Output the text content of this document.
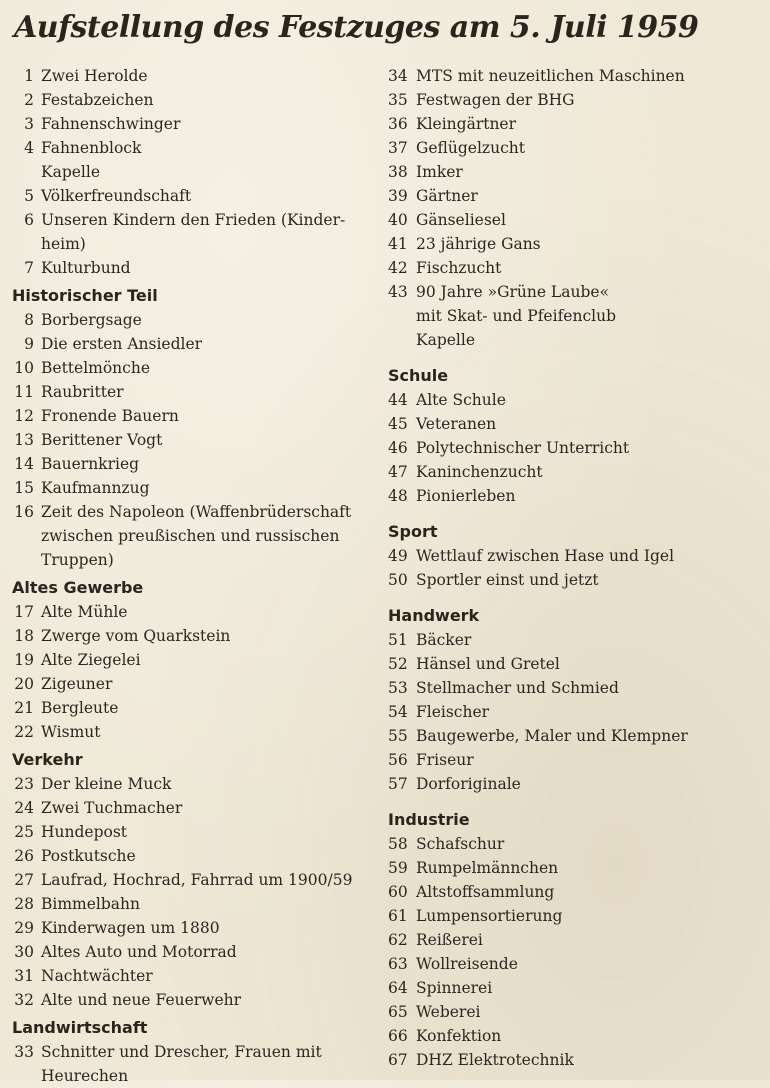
Aufstellung des Festzuges am 5. Juli 1959
1 Zwei Herolde
2 Festabzeichen
3 Fahnenschwinger
4 Fahnenblock
Kapelle
5 Völkerfreundschaft
6 Unseren Kindern den Frieden (Kinder-
heim)
7 Kulturbund
Historischer Teil
8 Borbergsage
9 Die ersten Ansiedler
10 Bettelmönche
11 Raubritter
12 Fronende Bauern
13 Berittener Vogt
14 Bauernkrieg
15 Kaufmannzug
16 Zeit des Napoleon (Waffenbrüderschaft
zwischen preußischen und russischen
Truppen)
Altes Gewerbe
17 Alte Mühle
18 Zwerge vom Quarkstein
19 Alte Ziegelei
20 Zigeuner
21 Bergleute
22 Wismut
Verkehr
23 Der kleine Muck
24 Zwei Tuchmacher
25 Hundepost
26 Postkutsche
27 Laufrad, Hochrad, Fahrrad um 1900/59
28 Bimmelbahn
29 Kinderwagen um 1880
30 Altes Auto und Motorrad
31 Nachtwächter
32 Alte und neue Feuerwehr
Landwirtschaft
33 Schnitter und Drescher, Frauen mit
Heurechen
34 MTS mit neuzeitlichen Maschinen
35 Festwagen der BHG
36 Kleingärtner
37 Geflügelzucht
38 Imker
39 Gärtner
40 Gänseliesel
41 23 jährige Gans
42 Fischzucht
43 90 Jahre »Grüne Laube«
mit Skat- und Pfeifenclub
Kapelle
Schule
44 Alte Schule
45 Veteranen
46 Polytechnischer Unterricht
47 Kaninchenzucht
48 Pionierleben
Sport
49 Wettlauf zwischen Hase und Igel
50 Sportler einst und jetzt
Handwerk
51 Bäcker
52 Hänsel und Gretel
53 Stellmacher und Schmied
54 Fleischer
55 Baugewerbe, Maler und Klempner
56 Friseur
57 Dorforiginale
Industrie
58 Schafschur
59 Rumpelmännchen
60 Altstoffsammlung
61 Lumpensortierung
62 Reißerei
63 Wollreisende
64 Spinnerei
65 Weberei
66 Konfektion
67 DHZ Elektrotechnik
